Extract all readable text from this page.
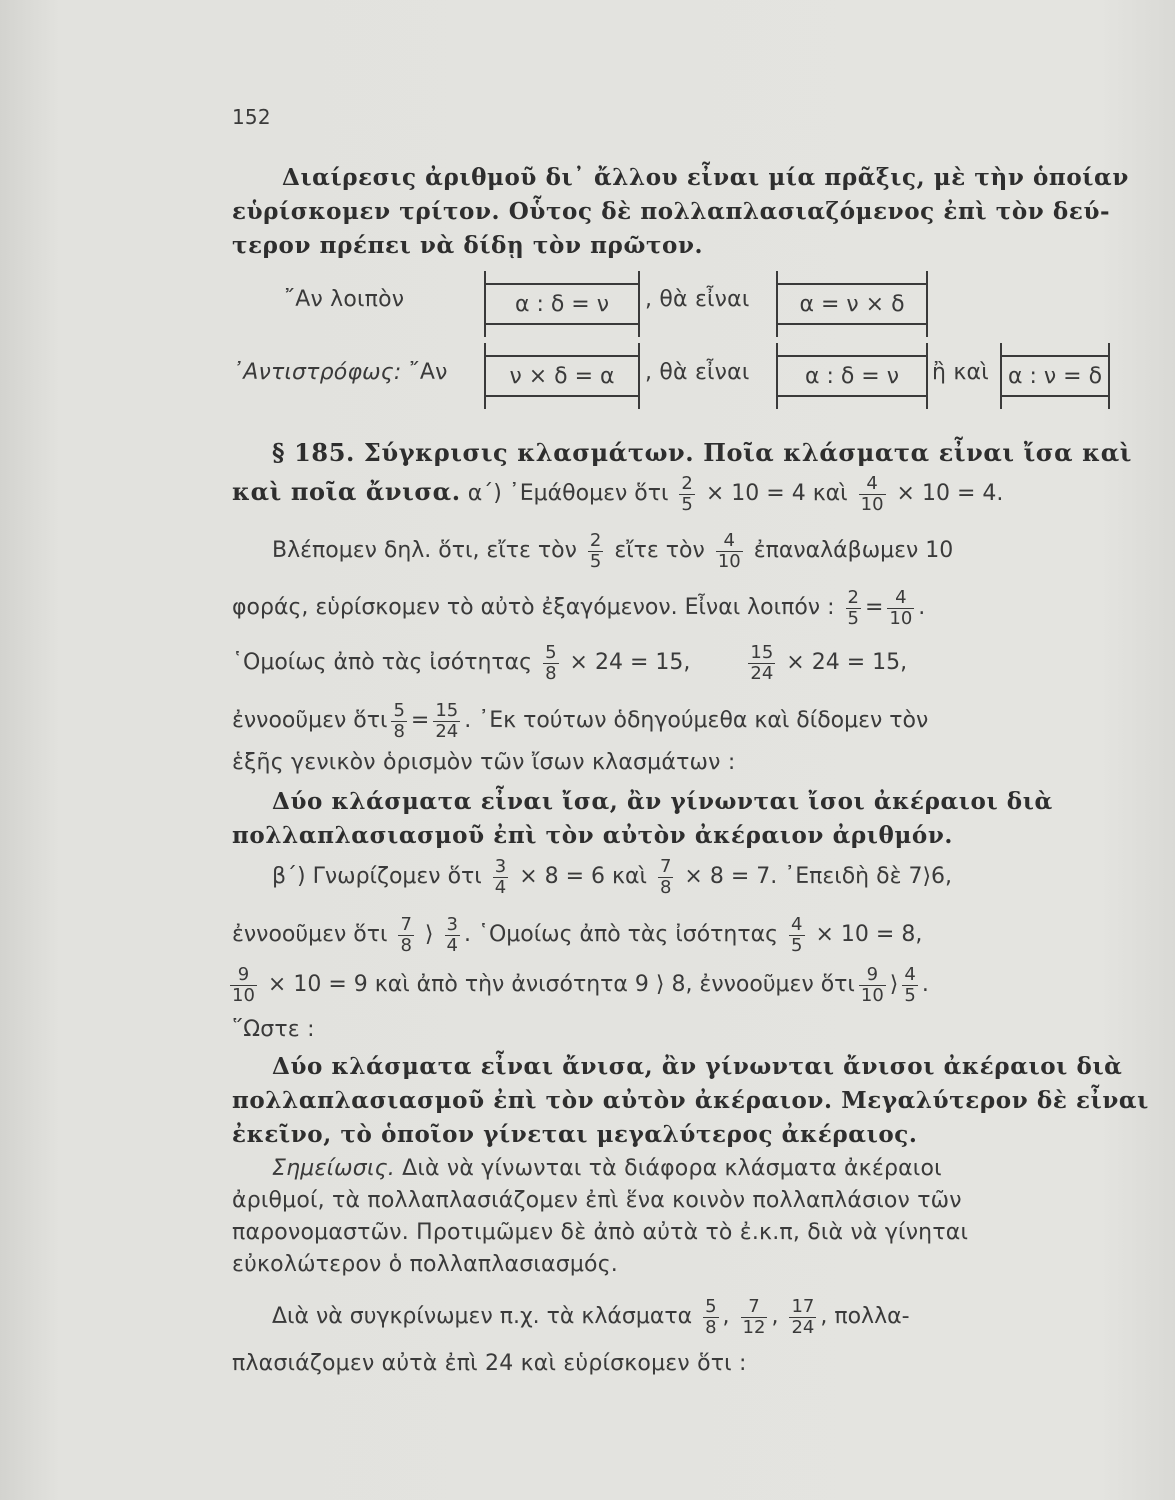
152
Διαίρεσις ἀριθμοῦ δι᾿ ἄλλου εἶναι μία πρᾶξις, μὲ τὴν ὁποίαν
εὑρίσκομεν τρίτον. Οὗτος δὲ πολλαπλασιαζόμενος ἐπὶ τὸν δεύ-
τερον πρέπει νὰ δίδῃ τὸν πρῶτον.
῎Αν λοιπὸν	α : δ = ν	, θὰ εἶναι	α = ν × δ
᾿Αντιστρόφως: ῎Αν	ν × δ = α	, θὰ εἶναι	α : δ = ν	ἢ καὶ α : ν = δ
§ 185. Σύγκρισις κλασμάτων. Ποῖα κλάσματα εἶναι ἴσα καὶ
καὶ ποῖα ἄνισα. α΄) ᾿Εμάθομεν ὅτι $\frac{2}{5} \times 10 = 4$ καὶ $\frac{4}{10} \times 10 = 4$.
Βλέπομεν δηλ. ὅτι, εἴτε τὸν $\frac{2}{5}$ εἴτε τὸν $\frac{4}{10}$ ἐπαναλάβωμεν 10
φοράς, εὑρίσκομεν τὸ αὐτὸ ἐξαγόμενον. Εἶναι λοιπόν : $\frac{2}{5} = \frac{4}{10}$ .
῾Ομοίως ἀπὸ τὰς ἰσότητας $\frac{5}{8} \times 24 = 15$,	$\frac{15}{24} \times 24 = 15$,
ἐννοοῦμεν ὅτι $\frac{5}{8} = \frac{15}{24}$ . ᾿Εκ τούτων ὁδηγούμεθα καὶ δίδομεν τὸν
ἑξῆς γενικὸν ὁρισμὸν τῶν ἴσων κλασμάτων :
Δύο κλάσματα εἶναι ἴσα, ἂν γίνωνται ἴσοι ἀκέραιοι διὰ
πολλαπλασιασμοῦ ἐπὶ τὸν αὐτὸν ἀκέραιον ἀριθμόν.
β΄) Γνωρίζομεν ὅτι $\frac{3}{4} \times 8 = 6$ καὶ $\frac{7}{8} \times 8 = 7$. ᾿Επειδὴ δὲ 7⟩6,
ἐννοοῦμεν ὅτι $\frac{7}{8}$ ⟩ $\frac{3}{4}$ . ῾Ομοίως ἀπὸ τὰς ἰσότητας $\frac{4}{5} \times 10 = 8$,
$\frac{9}{10} \times 10 = 9$ καὶ ἀπὸ τὴν ἀνισότητα 9 ⟩ 8, ἐννοοῦμεν ὅτι $\frac{9}{10}$ ⟩ $\frac{4}{5}$ .
῞Ωστε :
Δύο κλάσματα εἶναι ἄνισα, ἂν γίνωνται ἄνισοι ἀκέραιοι διὰ
πολλαπλασιασμοῦ ἐπὶ τὸν αὐτὸν ἀκέραιον. Μεγαλύτερον δὲ εἶναι
ἐκεῖνο, τὸ ὁποῖον γίνεται μεγαλύτερος ἀκέραιος.
Σημείωσις. Διὰ νὰ γίνωνται τὰ διάφορα κλάσματα ἀκέραιοι
ἀριθμοί, τὰ πολλαπλασιάζομεν ἐπὶ ἕνα κοινὸν πολλαπλάσιον τῶν
παρονομαστῶν. Προτιμῶμεν δὲ ἀπὸ αὐτὰ τὸ ἐ.κ.π, διὰ νὰ γίνηται
εὐκολώτερον ὁ πολλαπλασιασμός.
Διὰ νὰ συγκρίνωμεν π.χ. τὰ κλάσματα $\frac{5}{8}$ , $\frac{7}{12}$ , $\frac{17}{24}$ , πολλα-
πλασιάζομεν αὐτὰ ἐπὶ 24 καὶ εὑρίσκομεν ὅτι :
